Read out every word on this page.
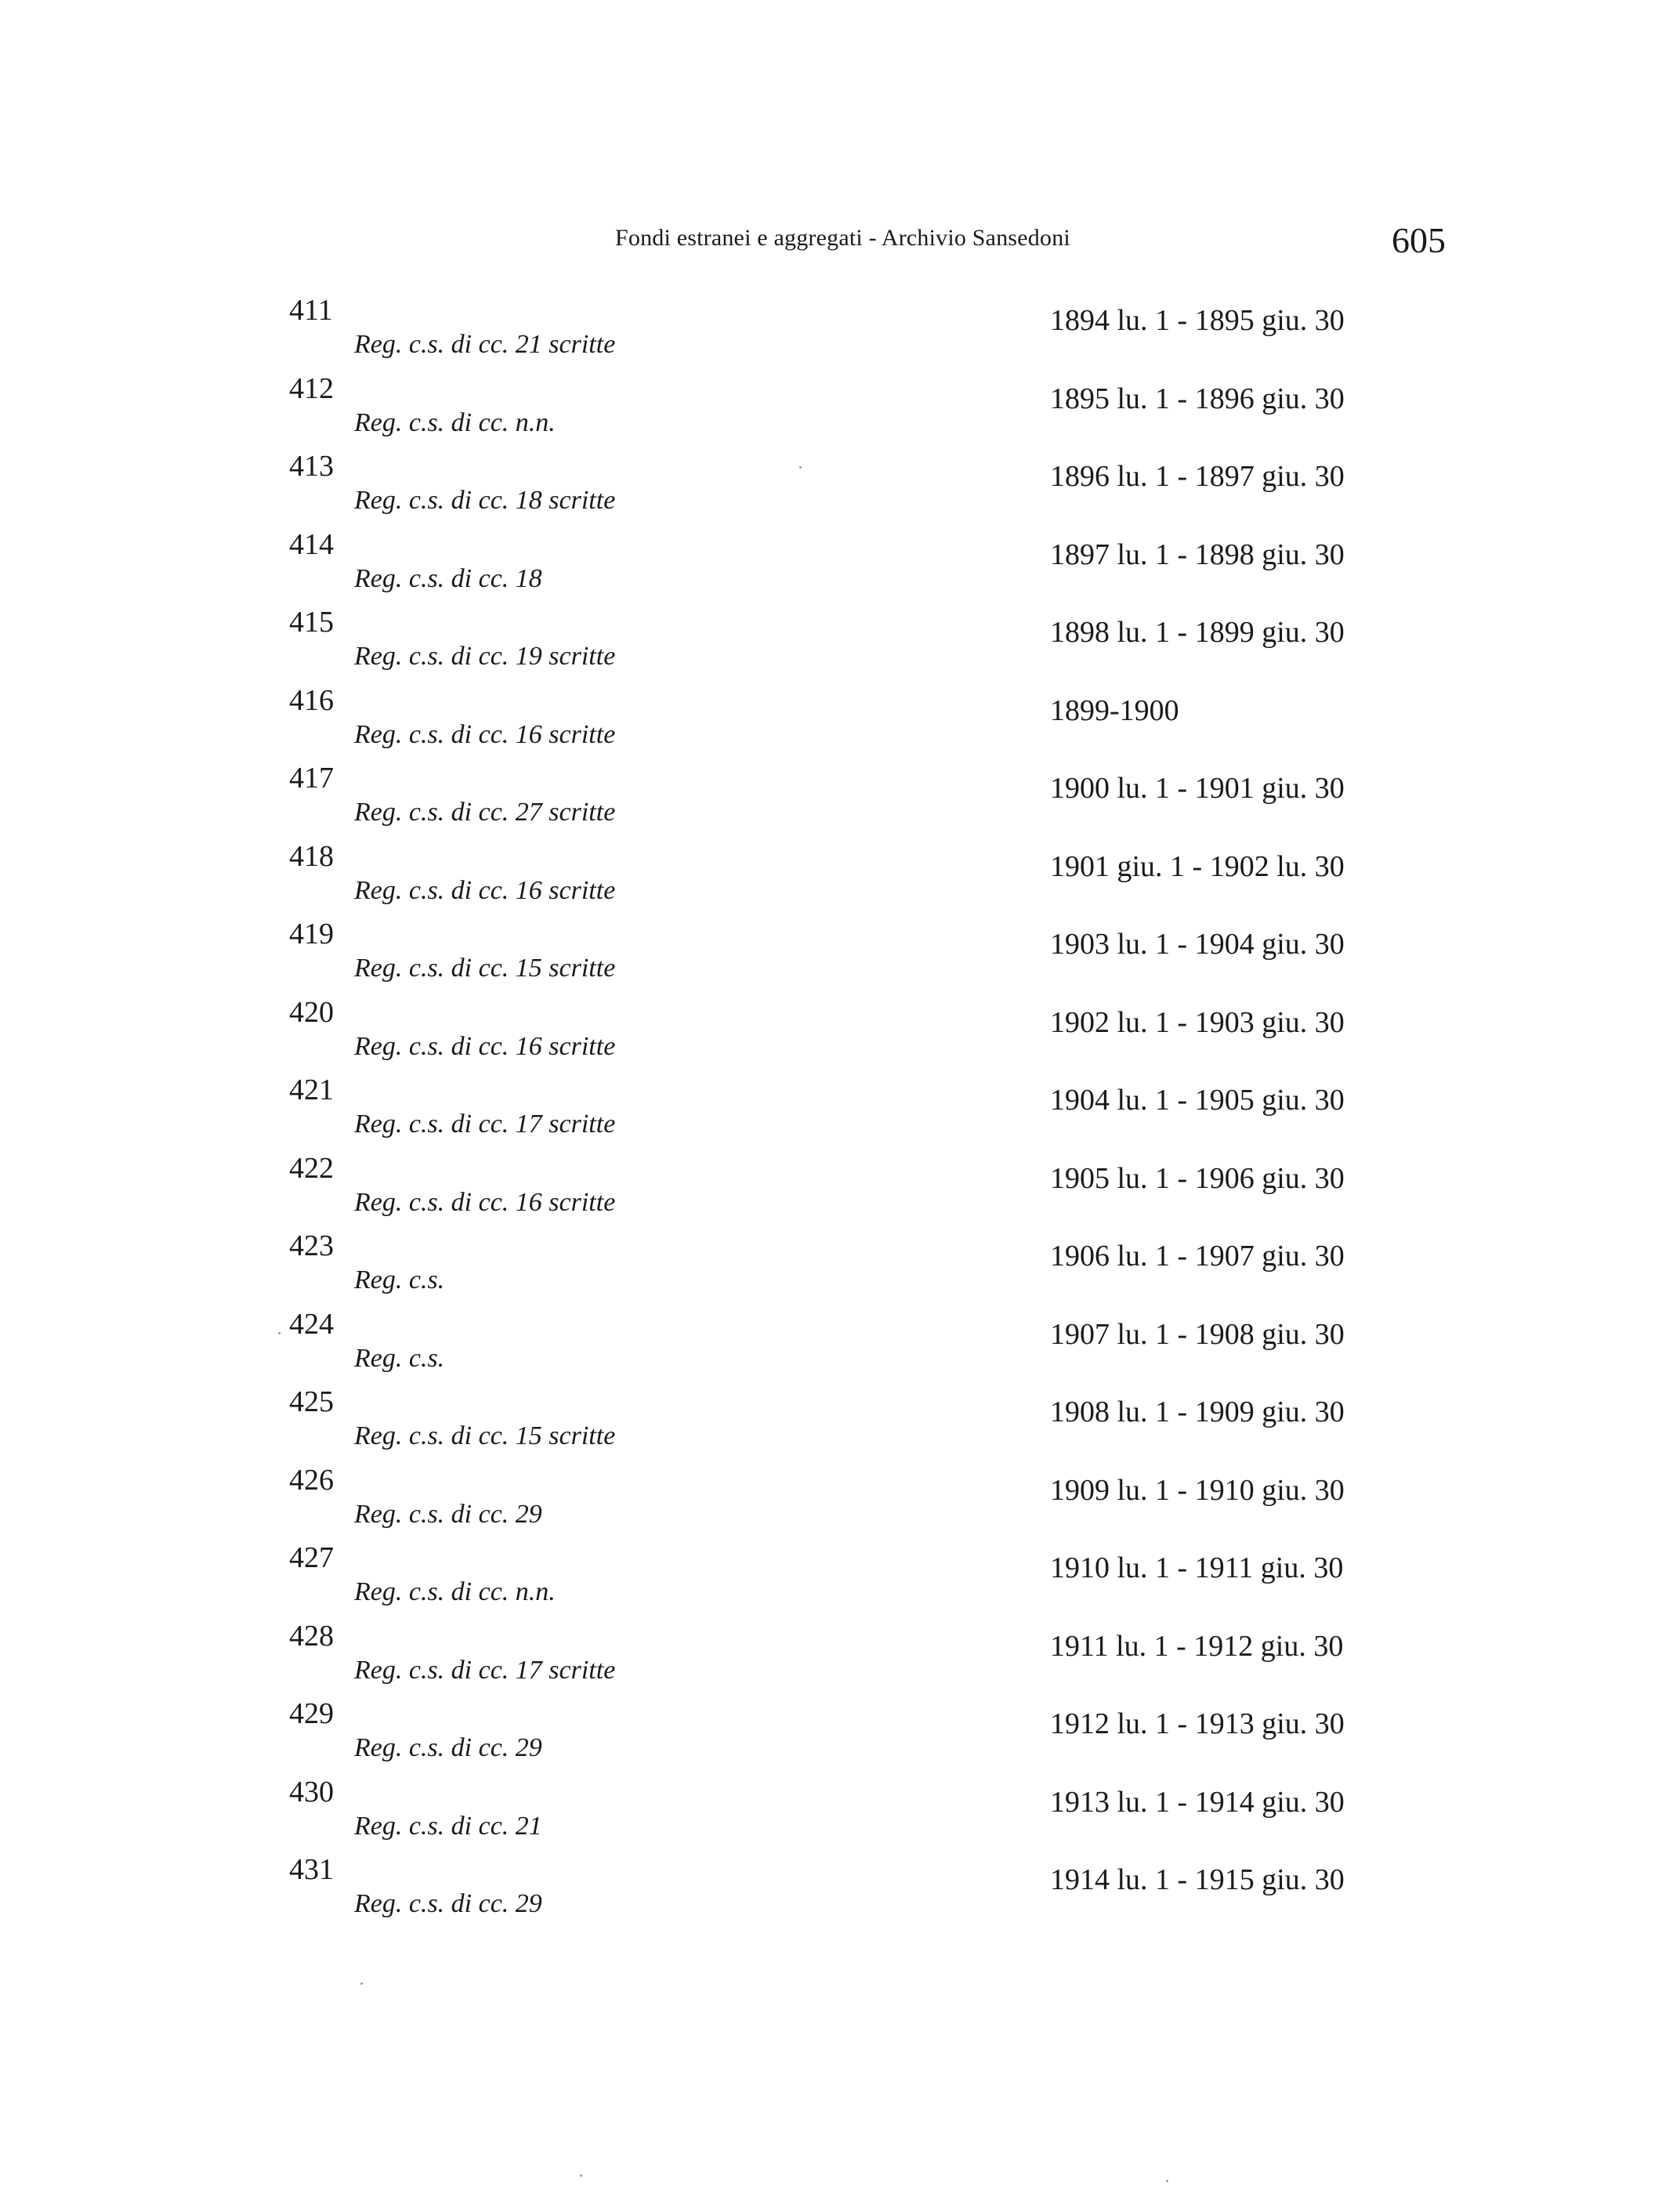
Fondi estranei e aggregati - Archivio Sansedoni	605
411
Reg. c.s. di cc. 21 scritte
1894 lu. 1 - 1895 giu. 30
412
Reg. c.s. di cc. n.n.
1895 lu. 1 - 1896 giu. 30
413
Reg. c.s. di cc. 18 scritte
1896 lu. 1 - 1897 giu. 30
414
Reg. c.s. di cc. 18
1897 lu. 1 - 1898 giu. 30
415
Reg. c.s. di cc. 19 scritte
1898 lu. 1 - 1899 giu. 30
416
Reg. c.s. di cc. 16 scritte
1899-1900
417
Reg. c.s. di cc. 27 scritte
1900 lu. 1 - 1901 giu. 30
418
Reg. c.s. di cc. 16 scritte
1901 giu. 1 - 1902 lu. 30
419
Reg. c.s. di cc. 15 scritte
1903 lu. 1 - 1904 giu. 30
420
Reg. c.s. di cc. 16 scritte
1902 lu. 1 - 1903 giu. 30
421
Reg. c.s. di cc. 17 scritte
1904 lu. 1 - 1905 giu. 30
422
Reg. c.s. di cc. 16 scritte
1905 lu. 1 - 1906 giu. 30
423
Reg. c.s.
1906 lu. 1 - 1907 giu. 30
424
Reg. c.s.
1907 lu. 1 - 1908 giu. 30
425
Reg. c.s. di cc. 15 scritte
1908 lu. 1 - 1909 giu. 30
426
Reg. c.s. di cc. 29
1909 lu. 1 - 1910 giu. 30
427
Reg. c.s. di cc. n.n.
1910 lu. 1 - 1911 giu. 30
428
Reg. c.s. di cc. 17 scritte
1911 lu. 1 - 1912 giu. 30
429
Reg. c.s. di cc. 29
1912 lu. 1 - 1913 giu. 30
430
Reg. c.s. di cc. 21
1913 lu. 1 - 1914 giu. 30
431
Reg. c.s. di cc. 29
1914 lu. 1 - 1915 giu. 30
